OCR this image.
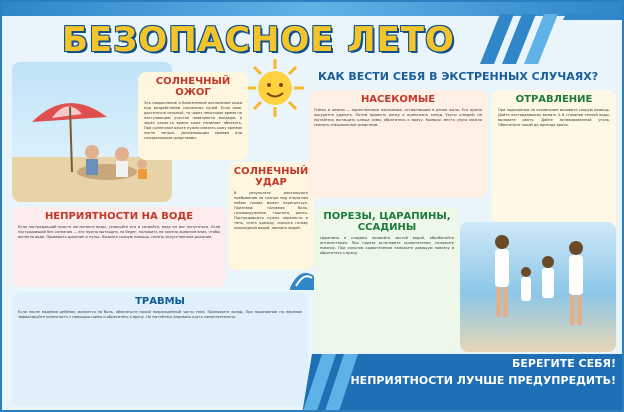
БЕЗОПАСНОЕ ЛЕТО
КАК ВЕСТИ СЕБЯ В ЭКСТРЕННЫХ СЛУЧАЯХ?
СОЛНЕЧНЫЙ
ОЖОГ
Это покраснение и болезненное воспаление кожи под воздействием солнечных лучей. Если ожог достаточно сильный, то через некоторое время на поступающем участке появляются волдыри, а через какое-то время кожа начинает облезать. При солнечном ожоге нужно смазать кожу кремом после загара, увлажняющим кремом или специальными средствами.
СОЛНЕЧНЫЙ
УДАР
В результате длительного пребывания на солнце под открытым небом голова может перегреться. Признаки: головная боль, головокружение, тошнота, рвота. Пострадавшего нужно перенести в тень, снять одежду, смочить голову прохладной водой, напоить водой.
НЕПРИЯТНОСТИ НА ВОДЕ
Если пострадавший просто наглотался воды, успокойте его и согрейте, ведь он мог испугаться. Если пострадавший без сознания — его нужно вытащить на берег, положить на колено животом вниз, чтобы вытекла вода. Проверить дыхание и пульс. Вызвать скорую помощь, начать искусственное дыхание.
НАСЕКОМЫЕ
Пчёлы и шмели — единственные насекомые, оставляющие в ранке жало. Его нужно аккуратно удалить. Потом промыть ранку и приложить холод. Укусы клещей: не пытайтесь вытащить клеща сами, обратитесь к врачу. Комары: место укуса можно смазать специальным средством.
ОТРАВЛЕНИЕ
При подозрении на отравление вызовите скорую помощь. Дайте пострадавшему выпить 5–6 стаканов тёплой воды, вызовите рвоту. Дайте активированный уголь. Обеспечьте покой до приезда врача.
ПОРЕЗЫ, ЦАРАПИНЫ,
ССАДИНЫ
Царапины и ссадины промойте чистой водой, обработайте антисептиком. При порезе остановите кровотечение, наложите повязку. При сильном кровотечении наложите давящую повязку и обратитесь к врачу.
ТРАВМЫ
Если после падения ребёнок жалуется на боль, обеспечьте покой повреждённой части тела. Приложите холод. При подозрении на перелом зафиксируйте конечность с помощью шины и обратитесь к врачу. Не пытайтесь вправить кость самостоятельно.
БЕРЕГИТЕ СЕБЯ!
НЕПРИЯТНОСТИ ЛУЧШЕ ПРЕДУПРЕДИТЬ!
